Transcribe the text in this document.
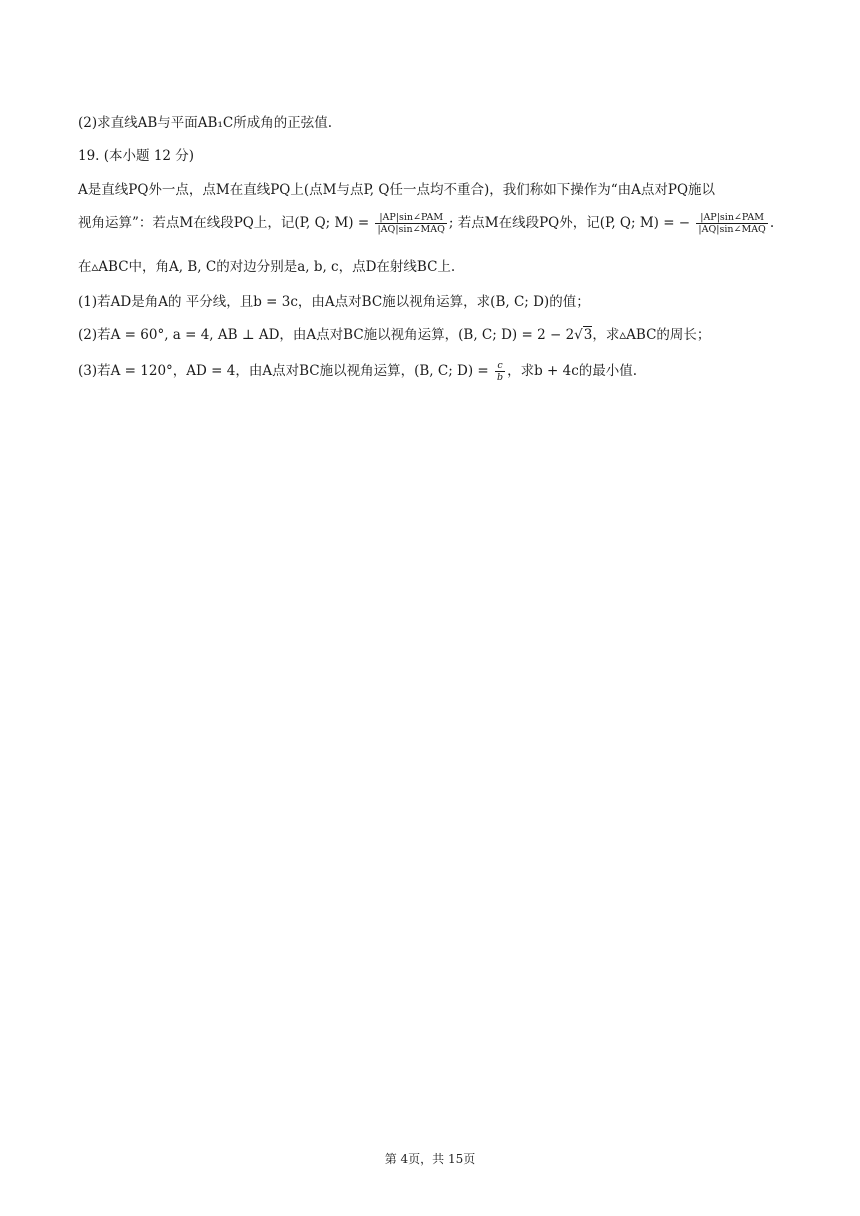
(2)求直线AB与平面AB₁C所成角的正弦值.
19. (本小题 12 分)
A是直线PQ外一点，点M在直线PQ上(点M与点P, Q任一点均不重合)，我们称如下操作为“由A点对PQ施以
视角运算”：若点M在线段PQ上，记(P, Q; $M) = \frac{\text{|AP|sin∠PAM}}{\text{|AQ|sin∠MAQ}}$ ; 若点M在线段PQ外，记(P, Q; M) = − $\frac{\text{|AP|sin∠PAM}}{\text{|AQ|sin∠MAQ}}$ .
在▵ABC中，角A, B, C的对边分别是a, b, c，点D在射线BC上.
(1)若AD是角A的 平分线，且b = 3c，由A点对BC施以视角运算，求(B, C; D)的值；
(2)若A = 60°, a = 4, AB ⊥ AD，由A点对BC施以视角运算，(B, C; D) = 2 − 2√3，求▵ABC的周长；
(3)若A = 120°，AD = 4，由A点对BC施以视角运算，(B, C; $D) = \frac{c}{b}$ ，求b + 4c的最小值.
第 4页，共 15页
